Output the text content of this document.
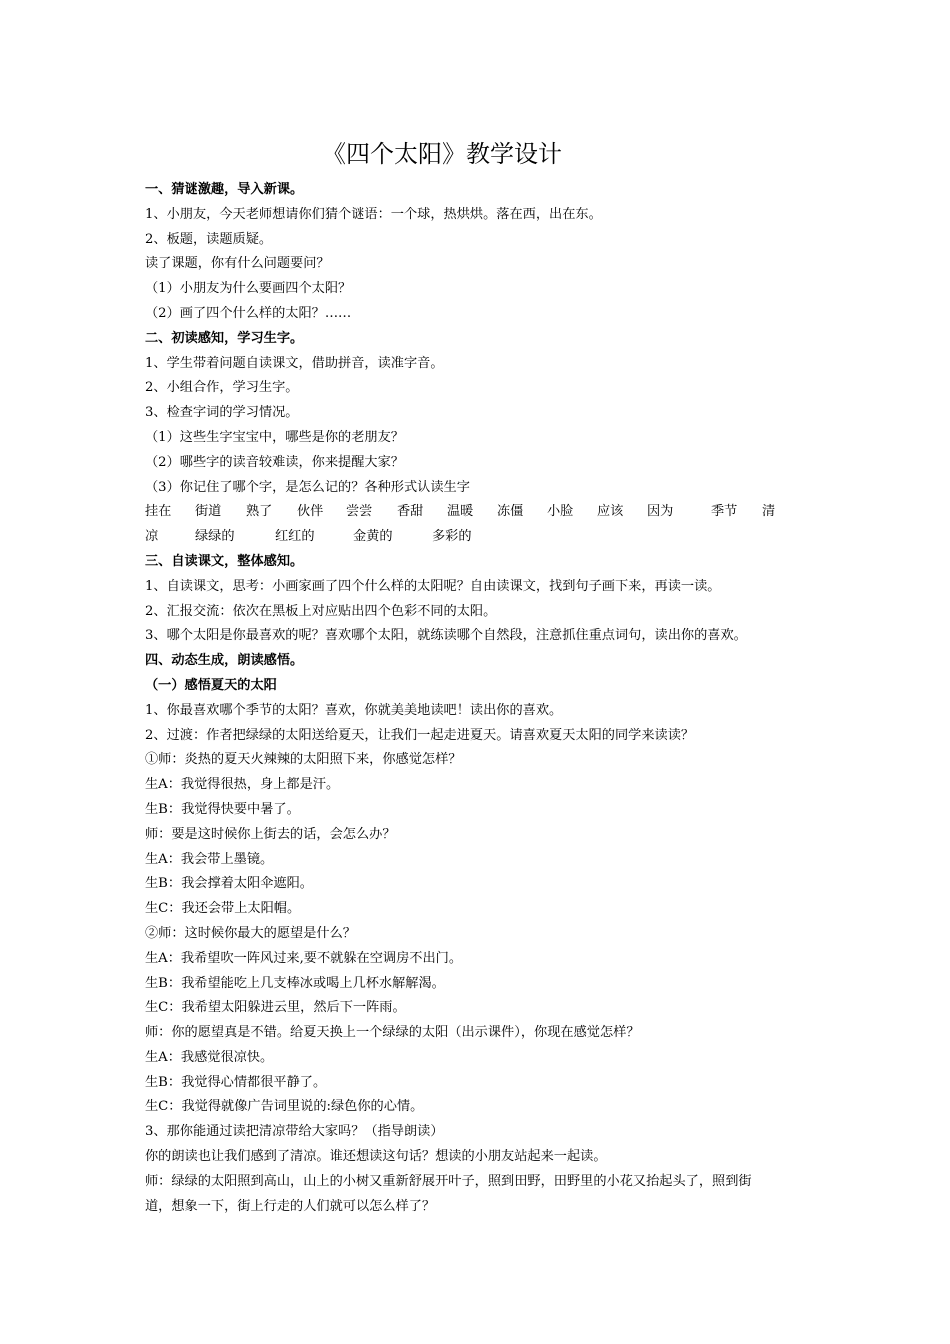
《四个太阳》教学设计
一、猜谜激趣，导入新课。
1、小朋友，今天老师想请你们猜个谜语：一个球，热烘烘。落在西，出在东。
2、板题，读题质疑。
读了课题，你有什么问题要问？
（1）小朋友为什么要画四个太阳？
（2）画了四个什么样的太阳？……
二、初读感知，学习生字。
1、学生带着问题自读课文，借助拼音，读准字音。
2、小组合作，学习生字。
3、检查字词的学习情况。
（1）这些生字宝宝中，哪些是你的老朋友？
（2）哪些字的读音较难读，你来提醒大家？
（3）你记住了哪个字，是怎么记的？各种形式认读生字
挂在 街道 熟了 伙伴 尝尝 香甜 温暖 冻僵 小脸 应该 因为	季节 清
凉	绿绿的	红红的	金黄的	多彩的
三、自读课文，整体感知。
1、自读课文，思考：小画家画了四个什么样的太阳呢？自由读课文，找到句子画下来，再读一读。
2、汇报交流：依次在黑板上对应贴出四个色彩不同的太阳。
3、哪个太阳是你最喜欢的呢？喜欢哪个太阳，就练读哪个自然段，注意抓住重点词句，读出你的喜欢。
四、动态生成，朗读感悟。
（一）感悟夏天的太阳
1、你最喜欢哪个季节的太阳？喜欢，你就美美地读吧！读出你的喜欢。
2、过渡：作者把绿绿的太阳送给夏天，让我们一起走进夏天。请喜欢夏天太阳的同学来读读？
①师：炎热的夏天火辣辣的太阳照下来，你感觉怎样？
生A：我觉得很热，身上都是汗。
生B：我觉得快要中暑了。
师：要是这时候你上街去的话，会怎么办？
生A：我会带上墨镜。
生B：我会撑着太阳伞遮阳。
生C：我还会带上太阳帽。
②师：这时候你最大的愿望是什么？
生A：我希望吹一阵风过来,要不就躲在空调房不出门。
生B：我希望能吃上几支棒冰或喝上几杯水解解渴。
生C：我希望太阳躲进云里，然后下一阵雨。
师：你的愿望真是不错。给夏天换上一个绿绿的太阳（出示课件），你现在感觉怎样？
生A：我感觉很凉快。
生B：我觉得心情都很平静了。
生C：我觉得就像广告词里说的:绿色你的心情。
3、那你能通过读把清凉带给大家吗？（指导朗读）
你的朗读也让我们感到了清凉。谁还想读这句话？想读的小朋友站起来一起读。
师：绿绿的太阳照到高山，山上的小树又重新舒展开叶子，照到田野，田野里的小花又抬起头了，照到街
道，想象一下，街上行走的人们就可以怎么样了？
